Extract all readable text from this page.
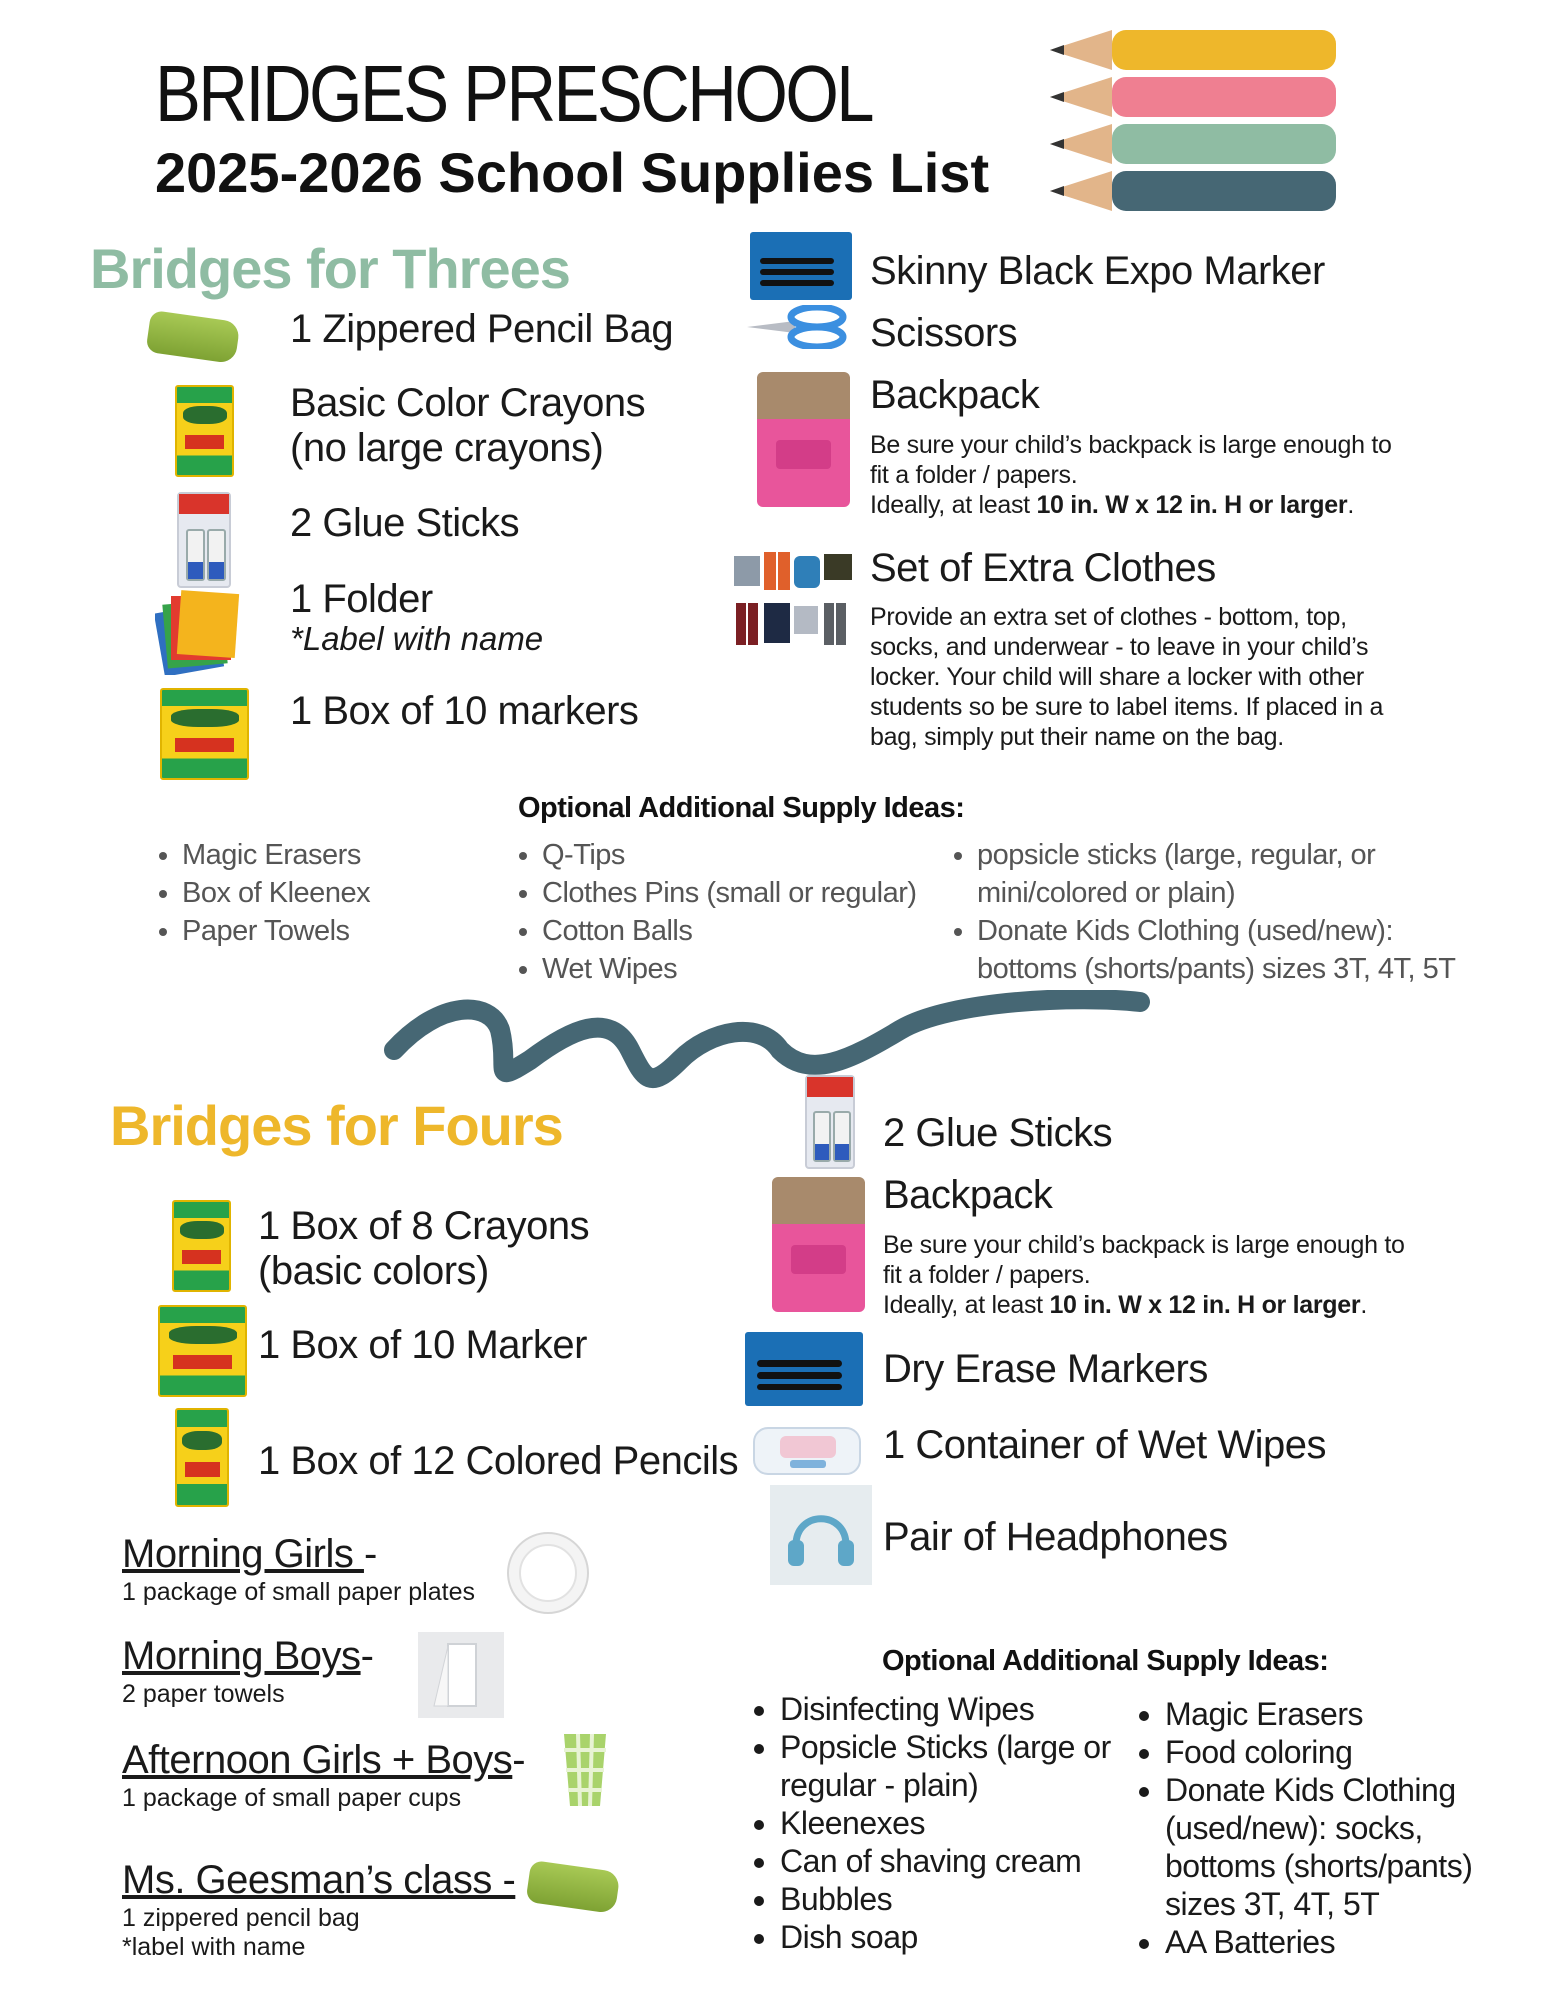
BRIDGES PRESCHOOL
2025-2026 School Supplies List
Bridges for Threes
1 Zippered Pencil Bag
Basic Color Crayons
(no large crayons)
2 Glue Sticks
1 Folder
*Label with name
1 Box of 10 markers
Skinny Black Expo Marker
Scissors
Backpack
Be sure your child’s backpack is large enough to
fit a folder / papers.
Ideally, at least 10 in. W x 12 in. H or larger.
Set of Extra Clothes
Provide an extra set of clothes - bottom, top,
socks, and underwear - to leave in your child’s
locker. Your child will share a locker with other
students so be sure to label items. If placed in a
bag, simply put their name on the bag.
Optional Additional Supply Ideas:
• Magic Erasers
• Box of Kleenex
• Paper Towels
• Q-Tips
• Clothes Pins (small or regular)
• Cotton Balls
• Wet Wipes
• popsicle sticks (large, regular, or
mini/colored or plain)
• Donate Kids Clothing (used/new):
bottoms (shorts/pants) sizes 3T, 4T, 5T
Bridges for Fours
1 Box of 8 Crayons
(basic colors)
1 Box of 10 Marker
1 Box of 12 Colored Pencils
Morning Girls -
1 package of small paper plates
Morning Boys-
2 paper towels
Afternoon Girls + Boys-
1 package of small paper cups
Ms. Geesman’s class -
1 zippered pencil bag
*label with name
2 Glue Sticks
Backpack
Be sure your child’s backpack is large enough to
fit a folder / papers.
Ideally, at least 10 in. W x 12 in. H or larger.
Dry Erase Markers
1 Container of Wet Wipes
Pair of Headphones
Optional Additional Supply Ideas:
• Disinfecting Wipes
• Popsicle Sticks (large or
regular - plain)
• Kleenexes
• Can of shaving cream
• Bubbles
• Dish soap
• Magic Erasers
• Food coloring
• Donate Kids Clothing
(used/new): socks,
bottoms (shorts/pants)
sizes 3T, 4T, 5T
• AA Batteries
